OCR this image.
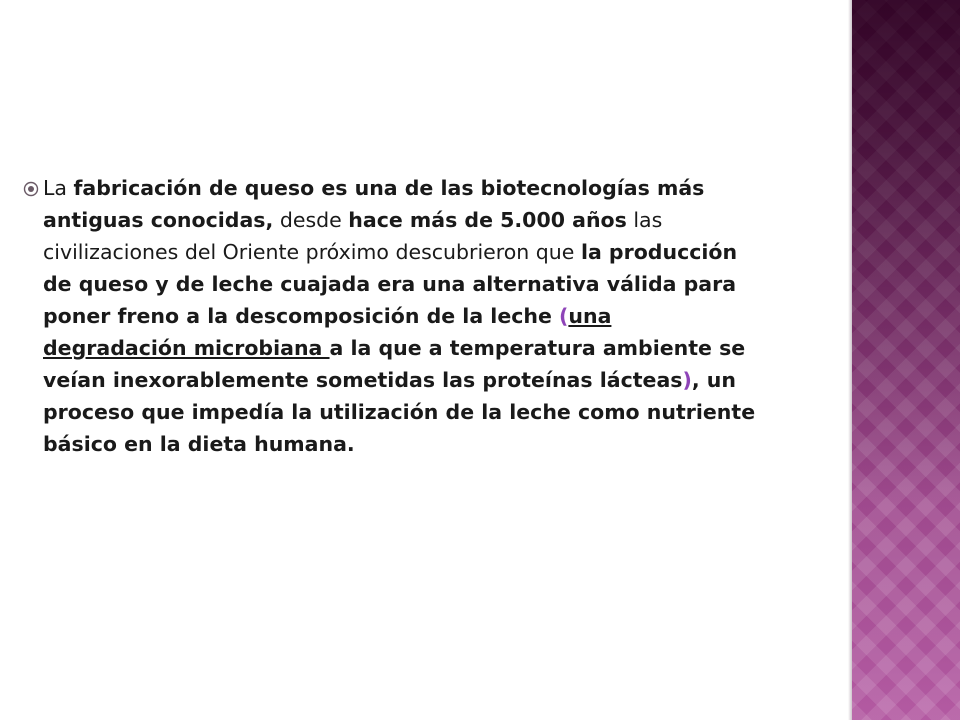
La fabricación de queso es una de las biotecnologías más antiguas conocidas, desde hace más de 5.000 años las civilizaciones del Oriente próximo descubrieron que la producción de queso y de leche cuajada era una alternativa válida para poner freno a la descomposición de la leche (una degradación microbiana a la que a temperatura ambiente se veían inexorablemente sometidas las proteínas lácteas), un proceso que impedía la utilización de la leche como nutriente básico en la dieta humana.
